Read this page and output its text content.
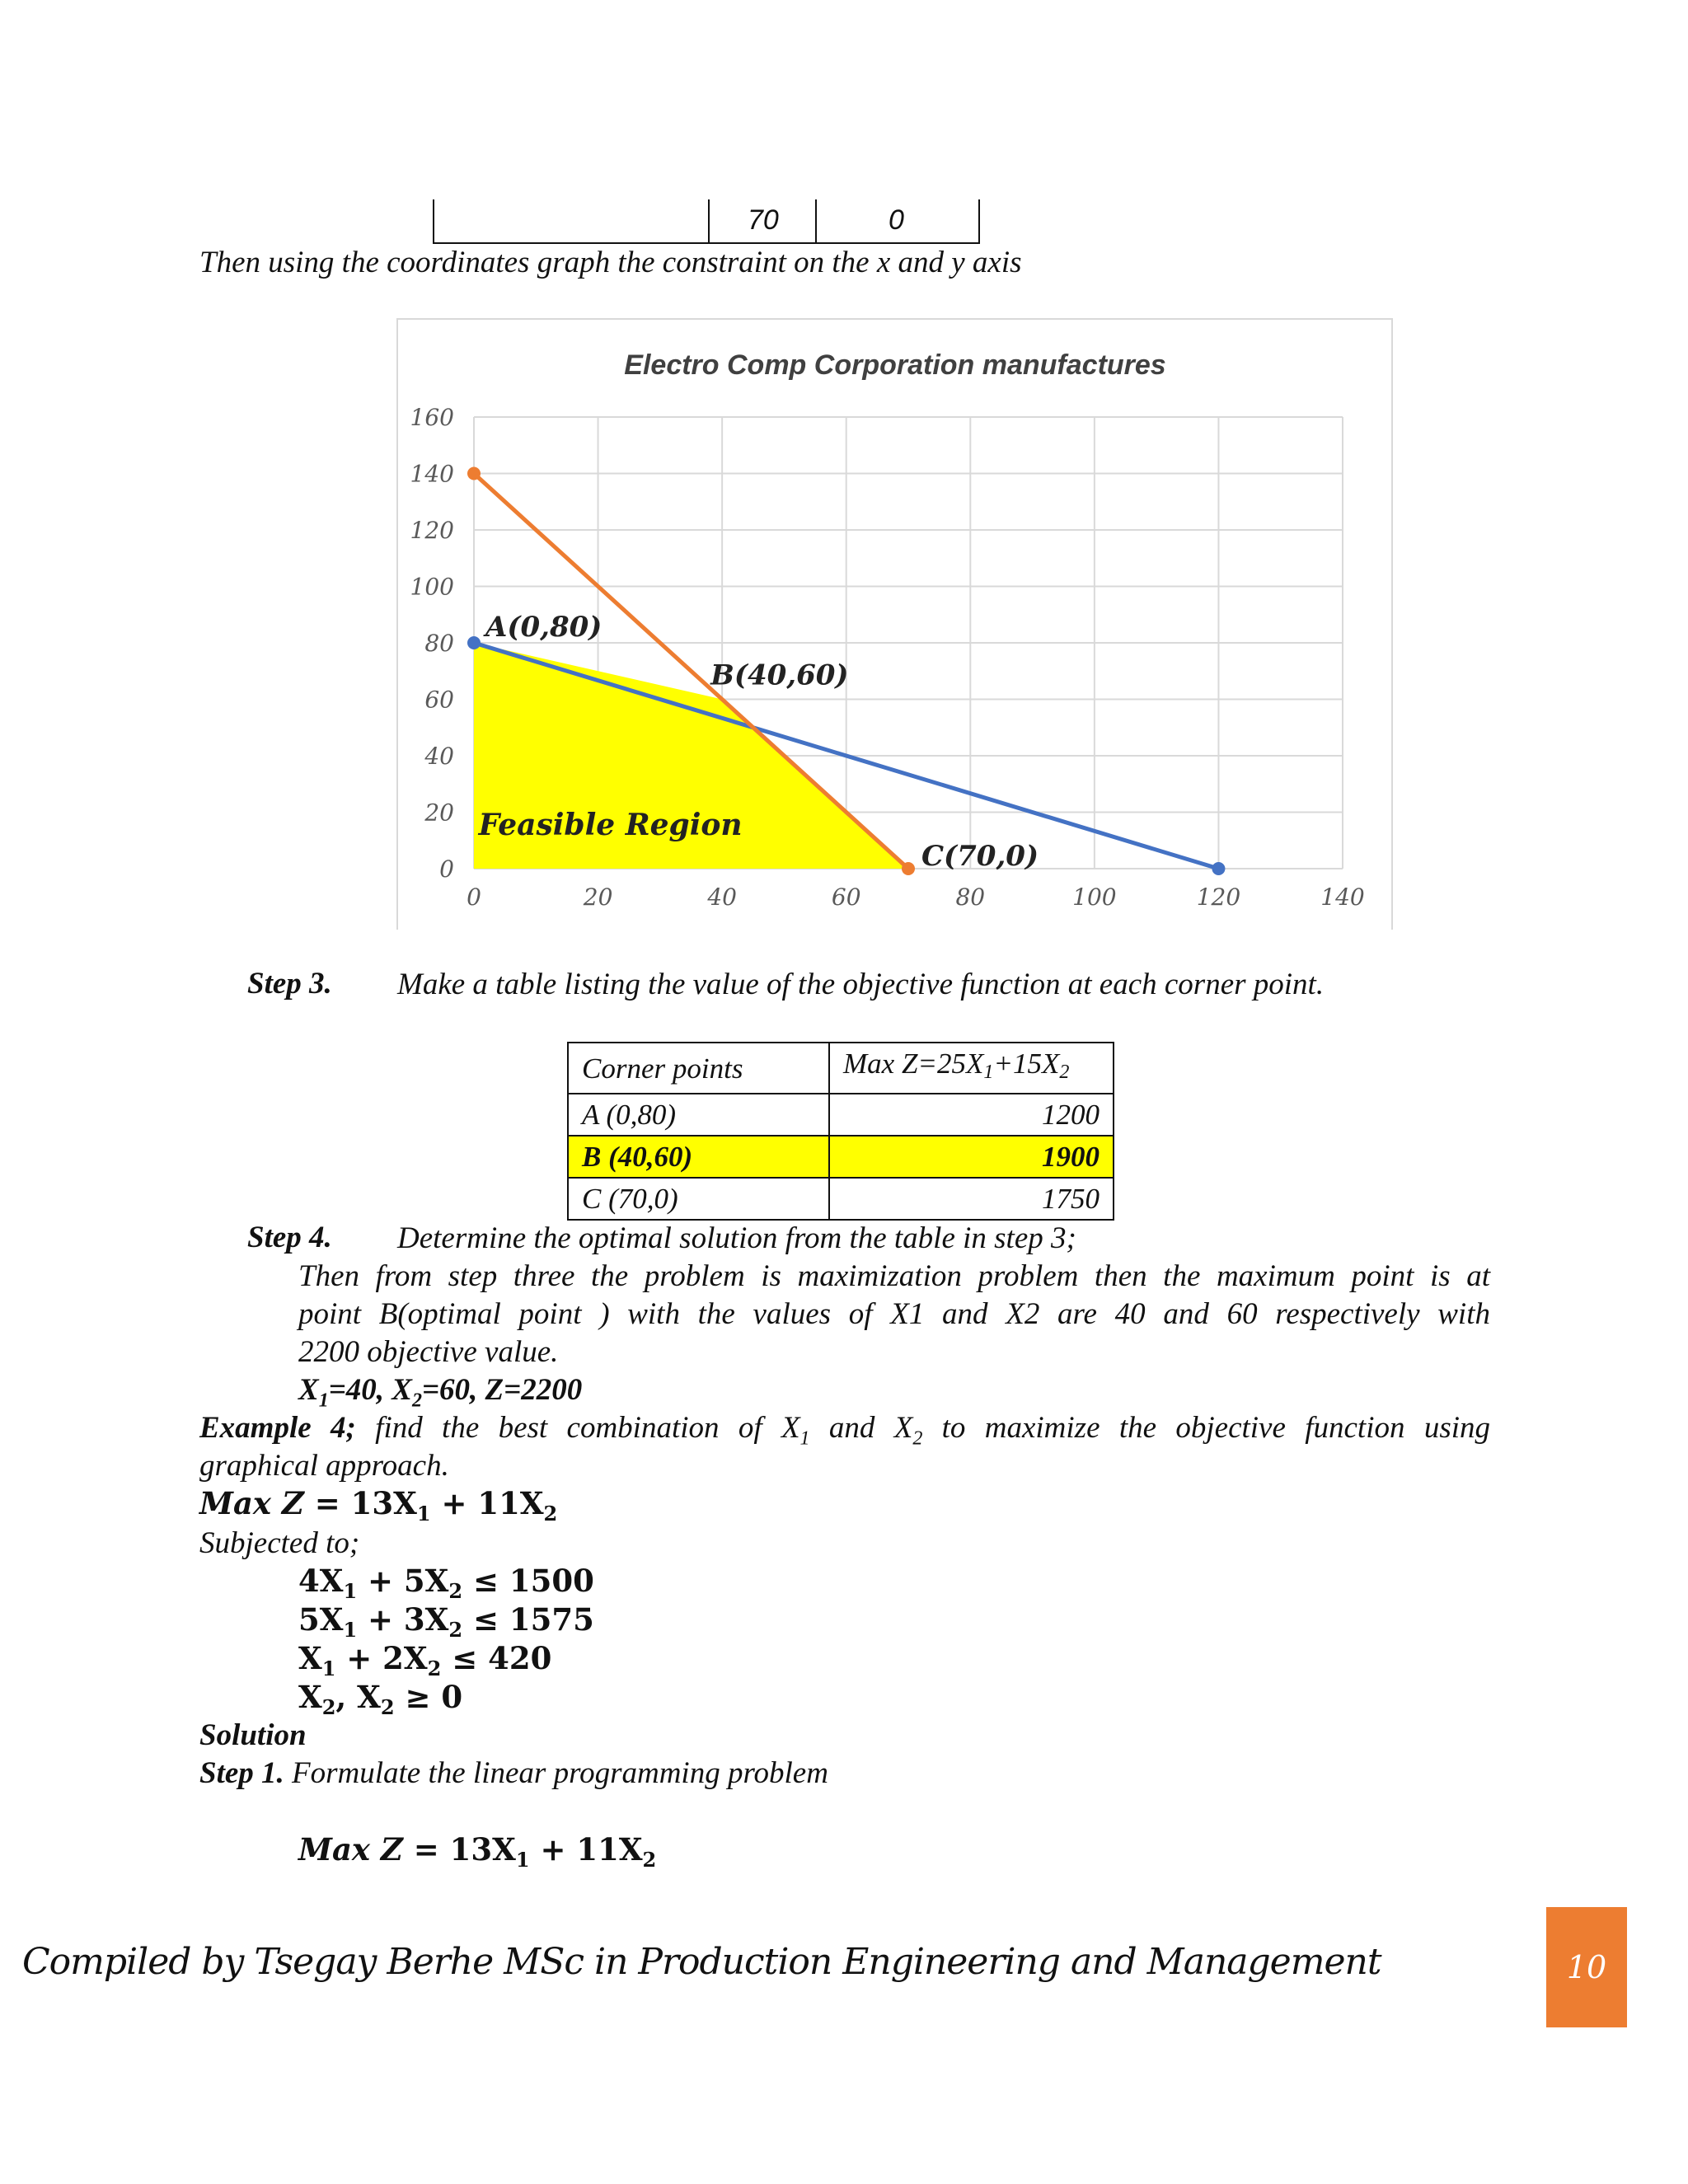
70	0
Then using the coordinates graph the constraint on the x and y axis
Electro Comp Corporation manufactures
Feasible Region
0	20	40	60	80	100	120	140
0
20
40
60
80
100
120
140
160
A(0,80)
B(40,60)
C(70,0)
Step 3. Make a table listing the value of the objective function at each corner point.
Corner points	Max $Z=25X_1+15X_2$
A (0,80)	1200
B (40,60)	1900
C (70,0)	1750
Step 4. Determine the optimal solution from the table in step 3;
Then from step three the problem is maximization problem then the maximum point is at
point B(optimal point ) with the values of X1 and X2 are 40 and 60 respectively with
2200 objective value.
$X_1=40$, $X_2=60$, Z=2200
Example 4; find the best combination of $X_1$ and $X_2$ to maximize the objective function using
graphical approach.
Max $Z = 13X_1 + 11X_2$
Subjected to;
$4X_1 + 5X_2 \le 1500$
$5X_1 + 3X_2 \le 1575$
$X_1 + 2X_2 \le 420$
$X_2$, $X_2 \ge 0$
Solution
Step 1. Formulate the linear programming problem
Max $Z = 13X_1 + 11X_2$
Compiled by Tsegay Berhe MSc in Production Engineering and Management	10
